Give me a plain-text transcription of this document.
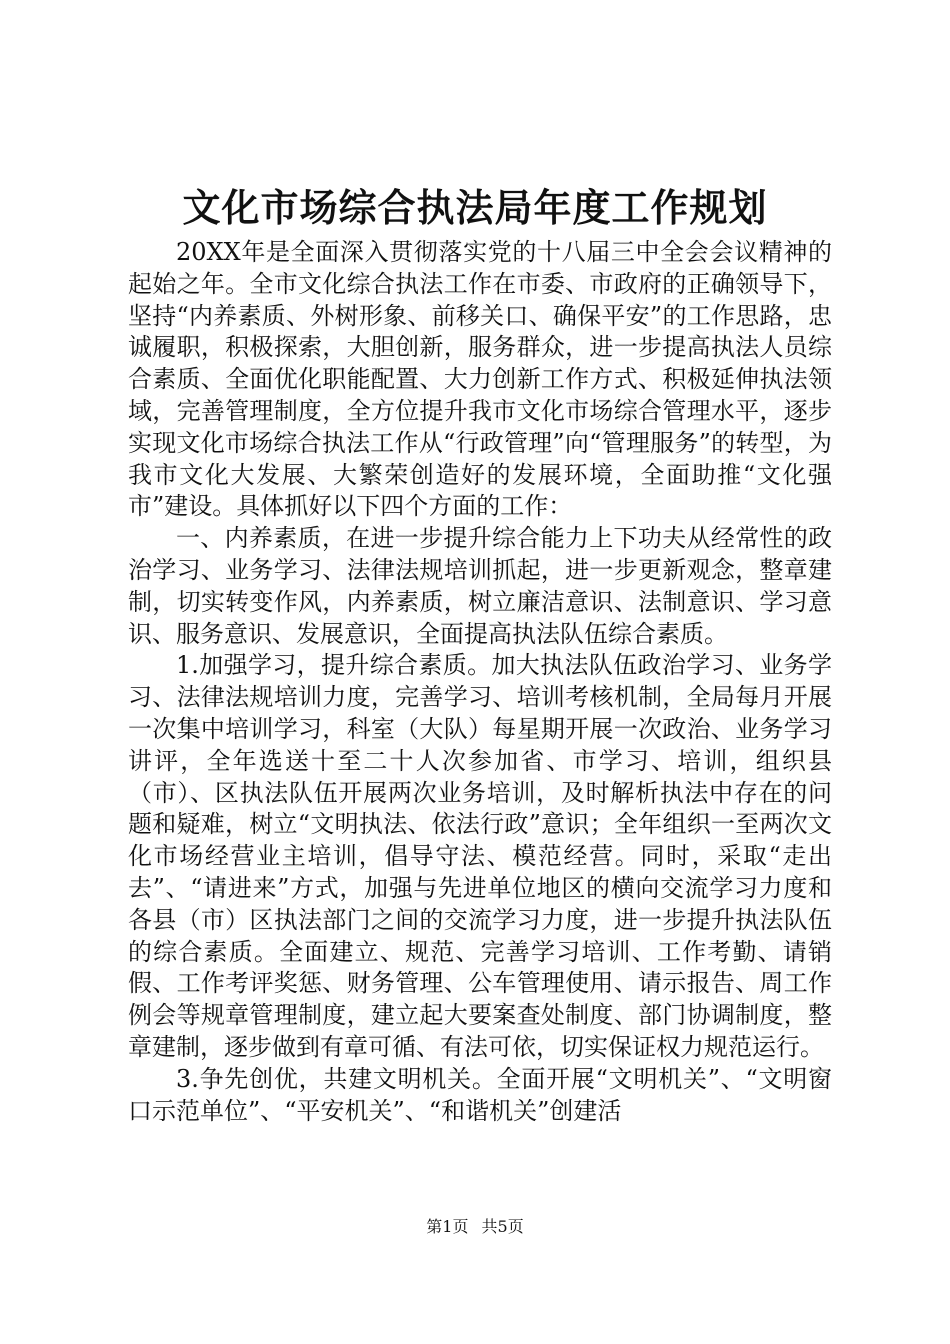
文化市场综合执法局年度工作规划

20XX年是全面深入贯彻落实党的十八届三中全会会议精神的起始之年。全市文化综合执法工作在市委、市政府的正确领导下，坚持“内养素质、外树形象、前移关口、确保平安”的工作思路，忠诚履职，积极探索，大胆创新，服务群众，进一步提高执法人员综合素质、全面优化职能配置、大力创新工作方式、积极延伸执法领域，完善管理制度，全方位提升我市文化市场综合管理水平，逐步实现文化市场综合执法工作从“行政管理”向“管理服务”的转型，为我市文化大发展、大繁荣创造好的发展环境，全面助推“文化强市”建设。具体抓好以下四个方面的工作：

一、内养素质，在进一步提升综合能力上下功夫从经常性的政治学习、业务学习、法律法规培训抓起，进一步更新观念，整章建制，切实转变作风，内养素质，树立廉洁意识、法制意识、学习意识、服务意识、发展意识，全面提高执法队伍综合素质。

1.加强学习，提升综合素质。加大执法队伍政治学习、业务学习、法律法规培训力度，完善学习、培训考核机制，全局每月开展一次集中培训学习，科室（大队）每星期开展一次政治、业务学习讲评，全年选送十至二十人次参加省、市学习、培训，组织县（市）、区执法队伍开展两次业务培训，及时解析执法中存在的问题和疑难，树立“文明执法、依法行政”意识；全年组织一至两次文化市场经营业主培训，倡导守法、模范经营。同时，采取“走出去”、“请进来”方式，加强与先进单位地区的横向交流学习力度和各县（市）区执法部门之间的交流学习力度，进一步提升执法队伍的综合素质。全面建立、规范、完善学习培训、工作考勤、请销假、工作考评奖惩、财务管理、公车管理使用、请示报告、周工作例会等规章管理制度，建立起大要案查处制度、部门协调制度，整章建制，逐步做到有章可循、有法可依，切实保证权力规范运行。

3.争先创优，共建文明机关。全面开展“文明机关”、“文明窗口示范单位”、“平安机关”、“和谐机关”创建活

第1页 共5页
